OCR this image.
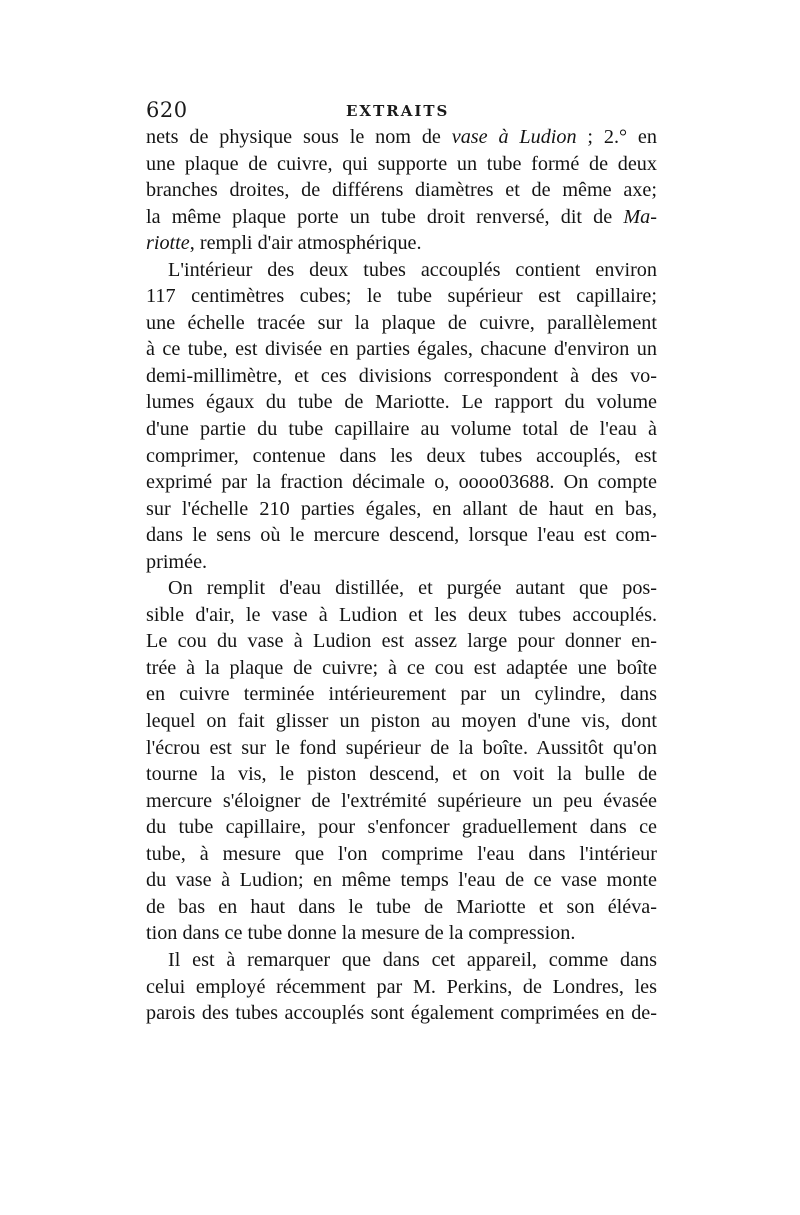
620	EXTRAITS
nets de physique sous le nom de vase à Ludion ; 2.° en
une plaque de cuivre, qui supporte un tube formé de deux
branches droites, de différens diamètres et de même axe;
la même plaque porte un tube droit renversé, dit de Ma-
riotte, rempli d'air atmosphérique.
L'intérieur des deux tubes accouplés contient environ
117 centimètres cubes; le tube supérieur est capillaire;
une échelle tracée sur la plaque de cuivre, parallèlement
à ce tube, est divisée en parties égales, chacune d'environ un
demi-millimètre, et ces divisions correspondent à des vo-
lumes égaux du tube de Mariotte. Le rapport du volume
d'une partie du tube capillaire au volume total de l'eau à
comprimer, contenue dans les deux tubes accouplés, est
exprimé par la fraction décimale o, oooo03688. On compte
sur l'échelle 210 parties égales, en allant de haut en bas,
dans le sens où le mercure descend, lorsque l'eau est com-
primée.
On remplit d'eau distillée, et purgée autant que pos-
sible d'air, le vase à Ludion et les deux tubes accouplés.
Le cou du vase à Ludion est assez large pour donner en-
trée à la plaque de cuivre; à ce cou est adaptée une boîte
en cuivre terminée intérieurement par un cylindre, dans
lequel on fait glisser un piston au moyen d'une vis, dont
l'écrou est sur le fond supérieur de la boîte. Aussitôt qu'on
tourne la vis, le piston descend, et on voit la bulle de
mercure s'éloigner de l'extrémité supérieure un peu évasée
du tube capillaire, pour s'enfoncer graduellement dans ce
tube, à mesure que l'on comprime l'eau dans l'intérieur
du vase à Ludion; en même temps l'eau de ce vase monte
de bas en haut dans le tube de Mariotte et son éléva-
tion dans ce tube donne la mesure de la compression.
Il est à remarquer que dans cet appareil, comme dans
celui employé récemment par M. Perkins, de Londres, les
parois des tubes accouplés sont également comprimées en de-
